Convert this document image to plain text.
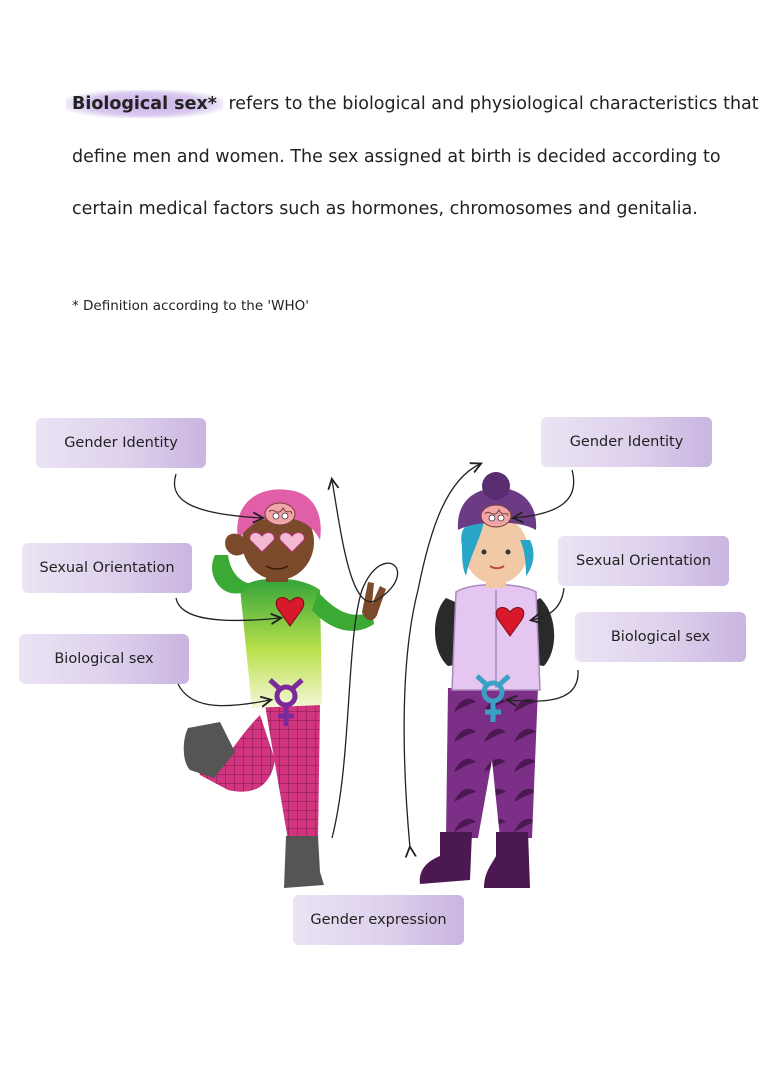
Biological sex* refers to the biological and physiological characteristics that

define men and women. The sex assigned at birth is decided according to

certain medical factors such as hormones, chromosomes and genitalia.

* Definition according to the 'WHO'
Gender Identity
Sexual Orientation
Biological sex
Gender Identity
Sexual Orientation
Biological sex
Gender expression
